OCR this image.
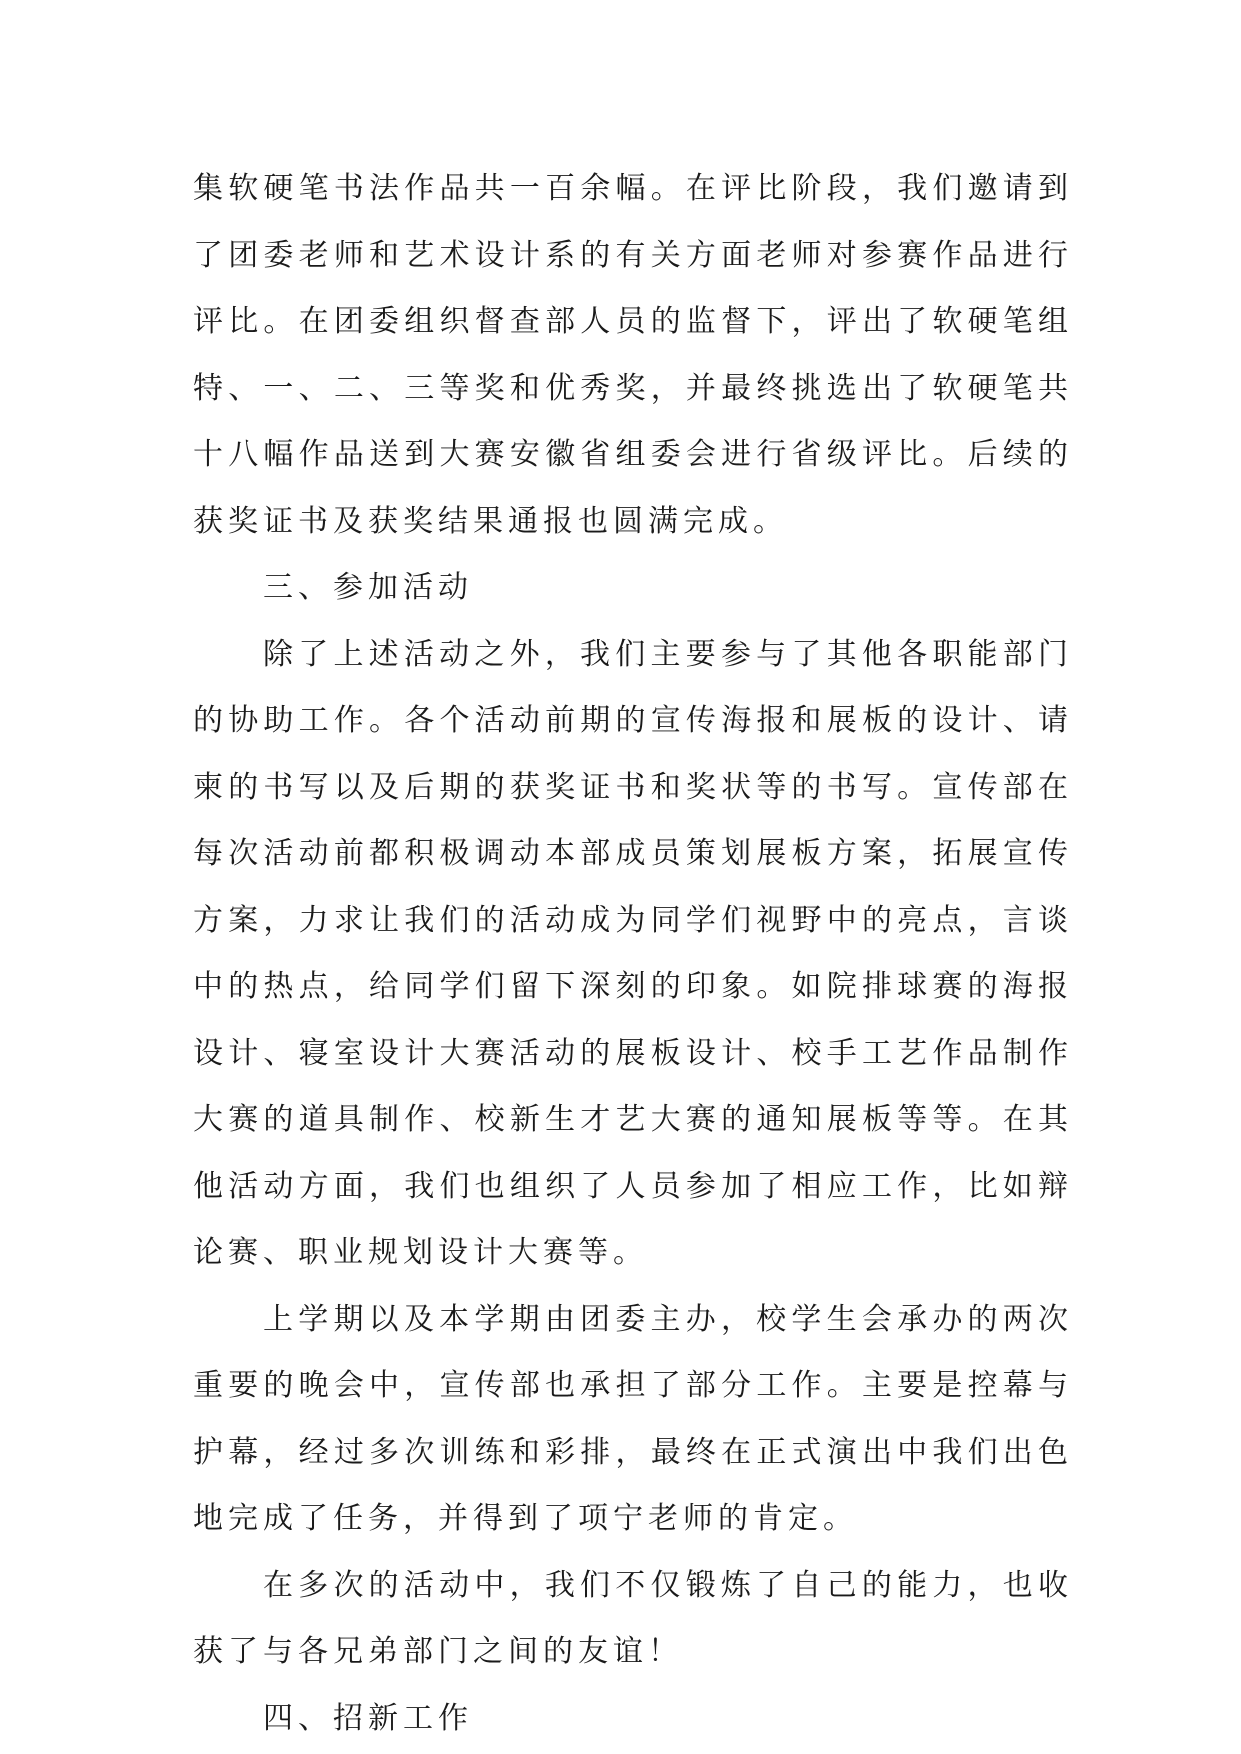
集软硬笔书法作品共一百余幅。在评比阶段，我们邀请到了团委老师和艺术设计系的有关方面老师对参赛作品进行评比。在团委组织督查部人员的监督下，评出了软硬笔组特、一、二、三等奖和优秀奖，并最终挑选出了软硬笔共十八幅作品送到大赛安徽省组委会进行省级评比。后续的获奖证书及获奖结果通报也圆满完成。

三、参加活动

除了上述活动之外，我们主要参与了其他各职能部门的协助工作。各个活动前期的宣传海报和展板的设计、请柬的书写以及后期的获奖证书和奖状等的书写。宣传部在每次活动前都积极调动本部成员策划展板方案，拓展宣传方案，力求让我们的活动成为同学们视野中的亮点，言谈中的热点，给同学们留下深刻的印象。如院排球赛的海报设计、寝室设计大赛活动的展板设计、校手工艺作品制作大赛的道具制作、校新生才艺大赛的通知展板等等。在其他活动方面，我们也组织了人员参加了相应工作，比如辩论赛、职业规划设计大赛等。

上学期以及本学期由团委主办，校学生会承办的两次重要的晚会中，宣传部也承担了部分工作。主要是控幕与护幕，经过多次训练和彩排，最终在正式演出中我们出色地完成了任务，并得到了项宁老师的肯定。

在多次的活动中，我们不仅锻炼了自己的能力，也收获了与各兄弟部门之间的友谊！

四、招新工作
